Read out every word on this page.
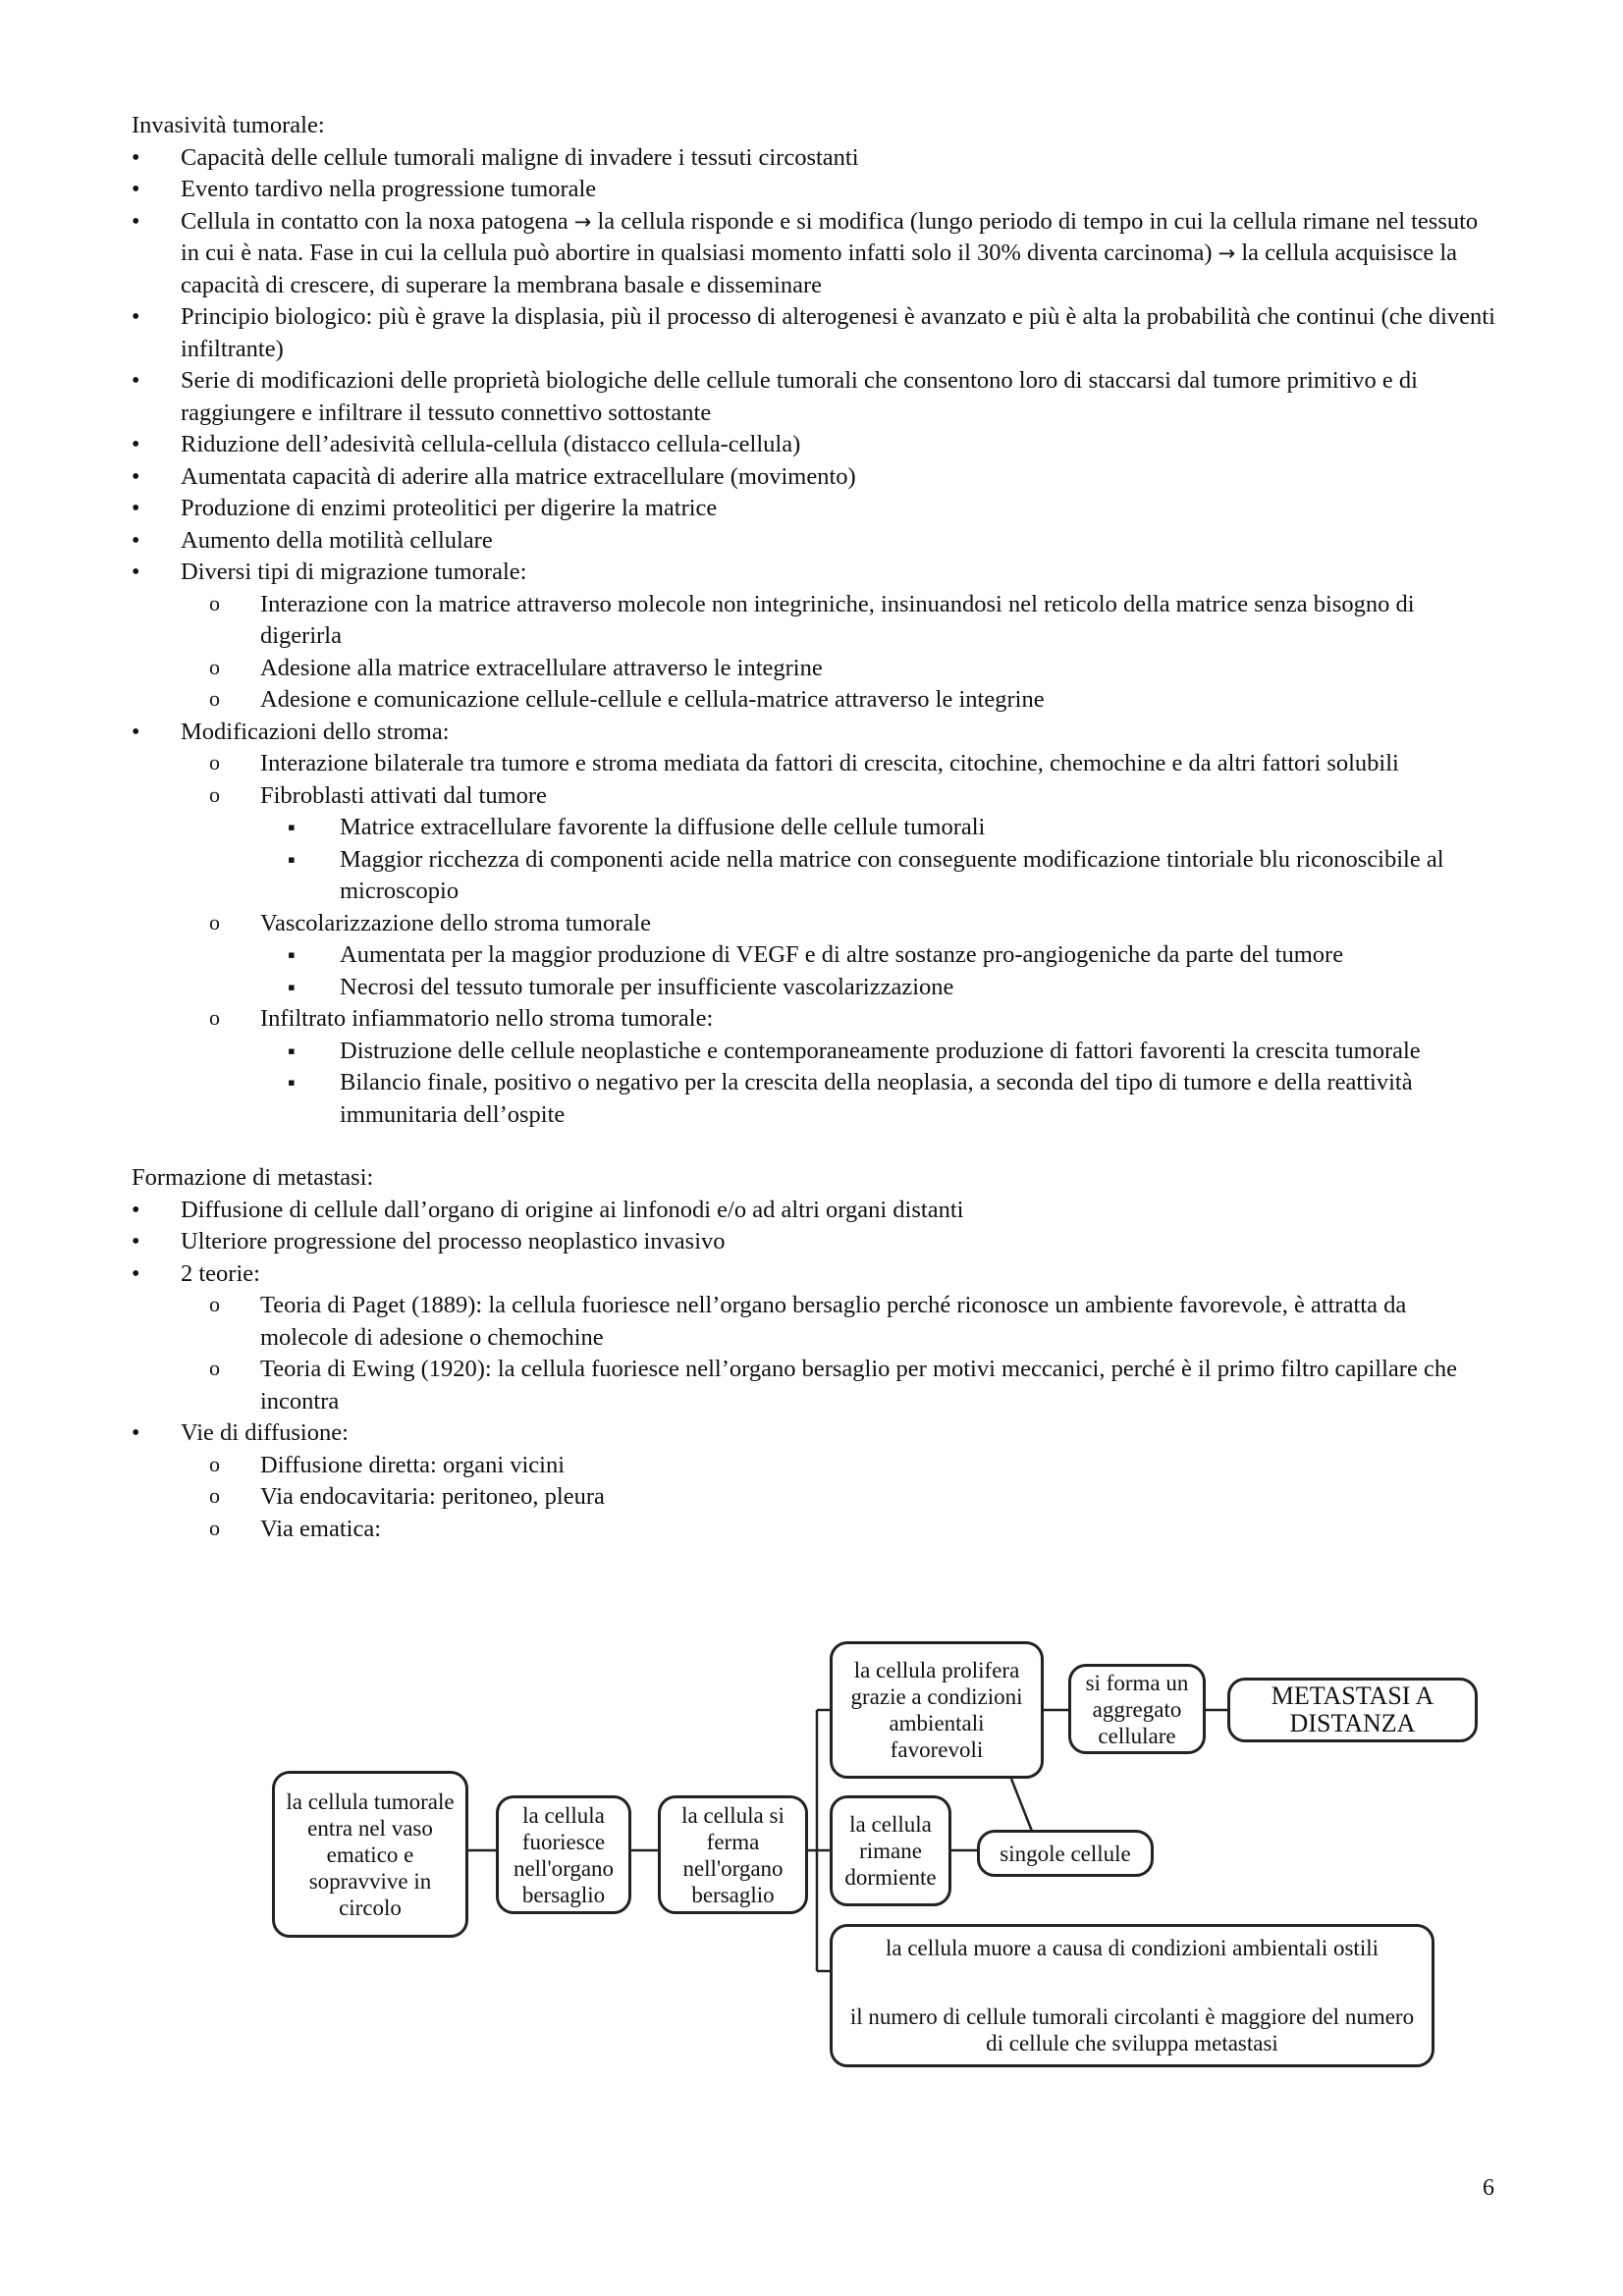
Invasività tumorale:

• Capacità delle cellule tumorali maligne di invadere i tessuti circostanti
• Evento tardivo nella progressione tumorale
• Cellula in contatto con la noxa patogena → la cellula risponde e si modifica (lungo periodo di tempo in cui la cellula rimane nel tessuto in cui è nata. Fase in cui la cellula può abortire in qualsiasi momento infatti solo il 30% diventa carcinoma) → la cellula acquisisce la capacità di crescere, di superare la membrana basale e disseminare
• Principio biologico: più è grave la displasia, più il processo di alterogenesi è avanzato e più è alta la probabilità che continui (che diventi infiltrante)
• Serie di modificazioni delle proprietà biologiche delle cellule tumorali che consentono loro di staccarsi dal tumore primitivo e di raggiungere e infiltrare il tessuto connettivo sottostante
• Riduzione dell’adesività cellula-cellula (distacco cellula-cellula)
• Aumentata capacità di aderire alla matrice extracellulare (movimento)
• Produzione di enzimi proteolitici per digerire la matrice
• Aumento della motilità cellulare
• Diversi tipi di migrazione tumorale:
o Interazione con la matrice attraverso molecole non integriniche, insinuandosi nel reticolo della matrice senza bisogno di digerirla
o Adesione alla matrice extracellulare attraverso le integrine
o Adesione e comunicazione cellule-cellule e cellula-matrice attraverso le integrine
• Modificazioni dello stroma:
o Interazione bilaterale tra tumore e stroma mediata da fattori di crescita, citochine, chemochine e da altri fattori solubili
o Fibroblasti attivati dal tumore
▪ Matrice extracellulare favorente la diffusione delle cellule tumorali
▪ Maggior ricchezza di componenti acide nella matrice con conseguente modificazione tintoriale blu riconoscibile al microscopio
o Vascolarizzazione dello stroma tumorale
▪ Aumentata per la maggior produzione di VEGF e di altre sostanze pro-angiogeniche da parte del tumore
▪ Necrosi del tessuto tumorale per insufficiente vascolarizzazione
o Infiltrato infiammatorio nello stroma tumorale:
▪ Distruzione delle cellule neoplastiche e contemporaneamente produzione di fattori favorenti la crescita tumorale
▪ Bilancio finale, positivo o negativo per la crescita della neoplasia, a seconda del tipo di tumore e della reattività immunitaria dell’ospite

Formazione di metastasi:

• Diffusione di cellule dall’organo di origine ai linfonodi e/o ad altri organi distanti
• Ulteriore progressione del processo neoplastico invasivo
• 2 teorie:
o Teoria di Paget (1889): la cellula fuoriesce nell’organo bersaglio perché riconosce un ambiente favorevole, è attratta da molecole di adesione o chemochine
o Teoria di Ewing (1920): la cellula fuoriesce nell’organo bersaglio per motivi meccanici, perché è il primo filtro capillare che incontra
• Vie di diffusione:
o Diffusione diretta: organi vicini
o Via endocavitaria: peritoneo, pleura
o Via ematica:
la cellula tumorale entra nel vaso ematico e sopravvive in circolo
la cellula fuoriesce nell'organo bersaglio
la cellula si ferma nell'organo bersaglio
la cellula prolifera grazie a condizioni ambientali favorevoli
si forma un aggregato cellulare
METASTASI A DISTANZA
la cellula rimane dormiente
singole cellule
la cellula muore a causa di condizioni ambientali ostili
il numero di cellule tumorali circolanti è maggiore del numero di cellule che sviluppa metastasi
6
